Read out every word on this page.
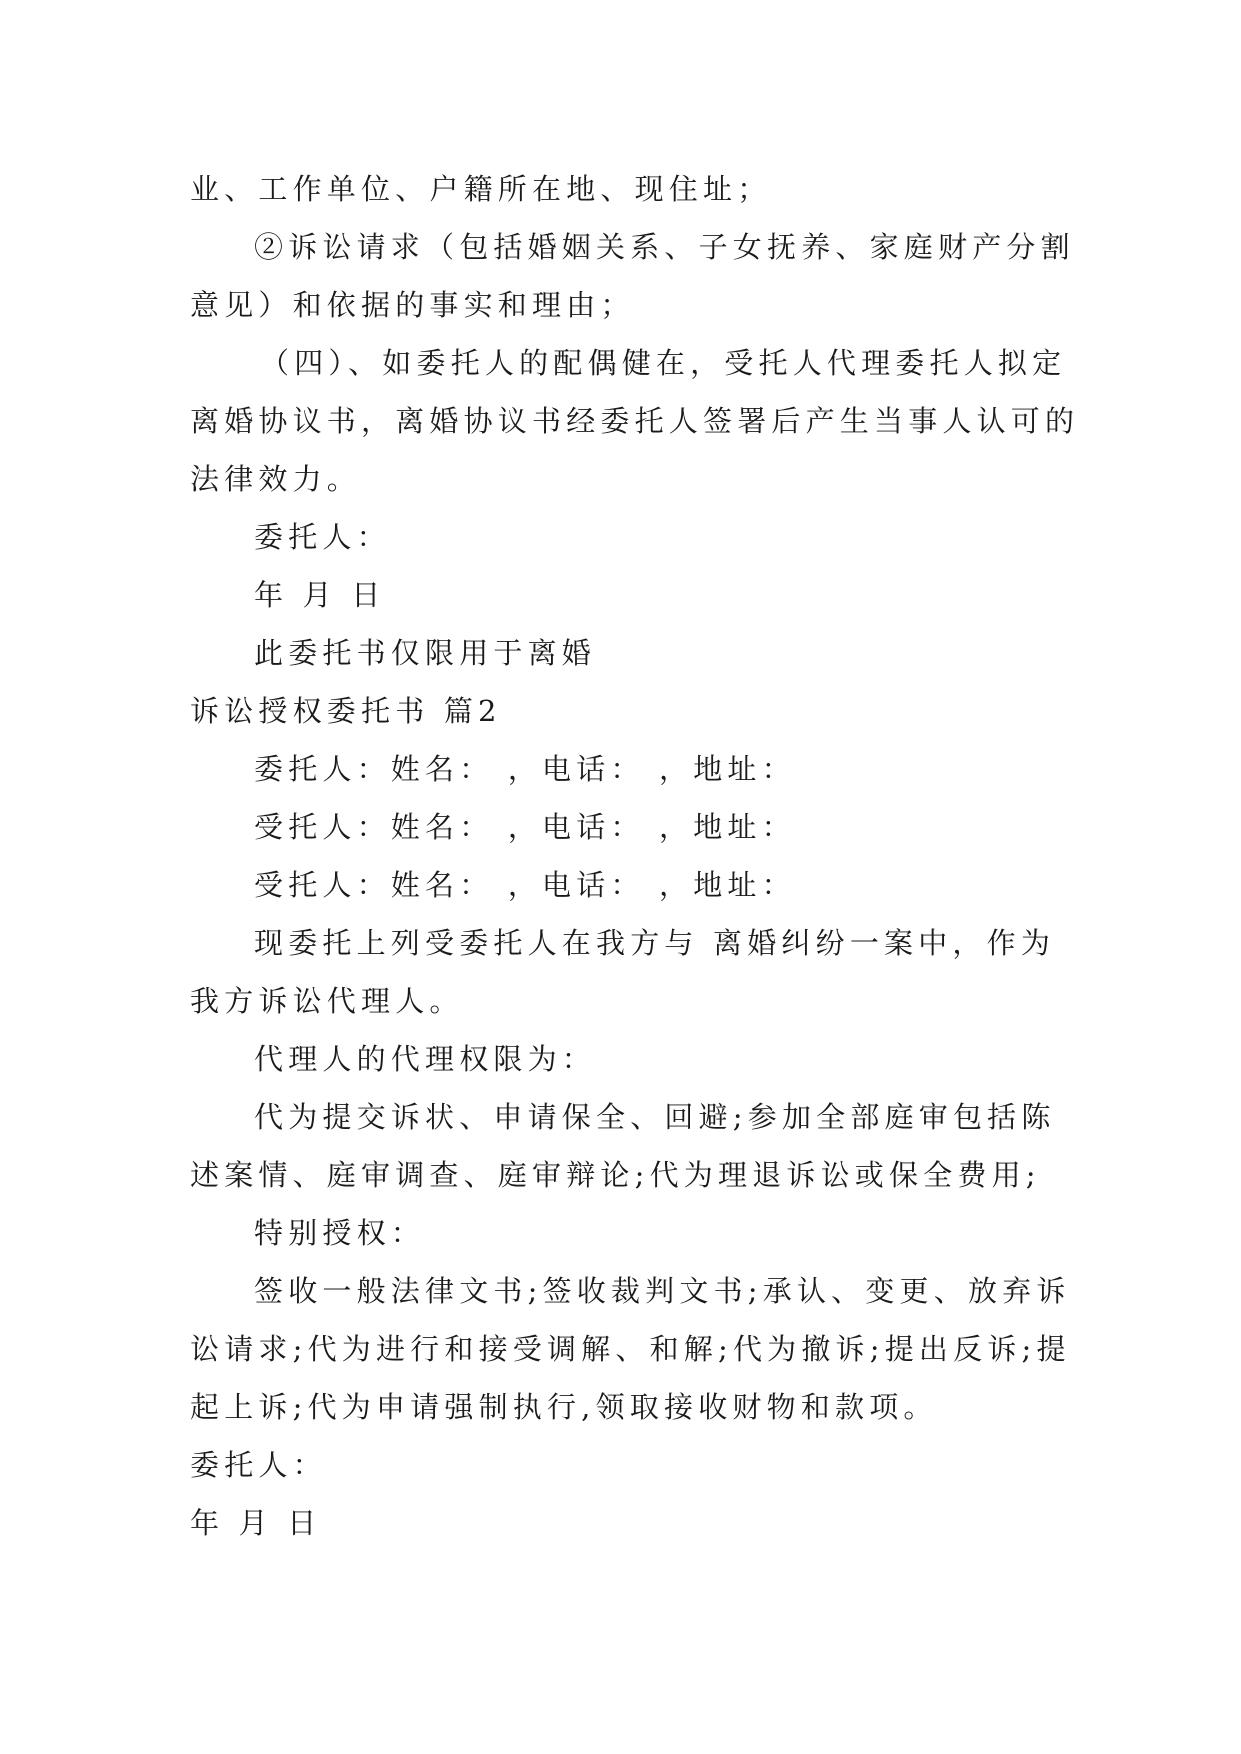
业、工作单位、户籍所在地、现住址；
②诉讼请求（包括婚姻关系、子女抚养、家庭财产分割
意见）和依据的事实和理由；
（四）、如委托人的配偶健在，受托人代理委托人拟定
离婚协议书，离婚协议书经委托人签署后产生当事人认可的
法律效力。
委托人：
年 月 日
此委托书仅限用于离婚
诉讼授权委托书 篇2
委托人：姓名： ，电话： ，地址：
受托人：姓名： ，电话： ，地址：
受托人：姓名： ，电话： ，地址：
现委托上列受委托人在我方与 离婚纠纷一案中，作为
我方诉讼代理人。
代理人的代理权限为：
代为提交诉状、申请保全、回避;参加全部庭审包括陈
述案情、庭审调查、庭审辩论;代为理退诉讼或保全费用;
特别授权：
签收一般法律文书;签收裁判文书;承认、变更、放弃诉
讼请求;代为进行和接受调解、和解;代为撤诉;提出反诉;提
起上诉;代为申请强制执行,领取接收财物和款项。
委托人：
年 月 日
